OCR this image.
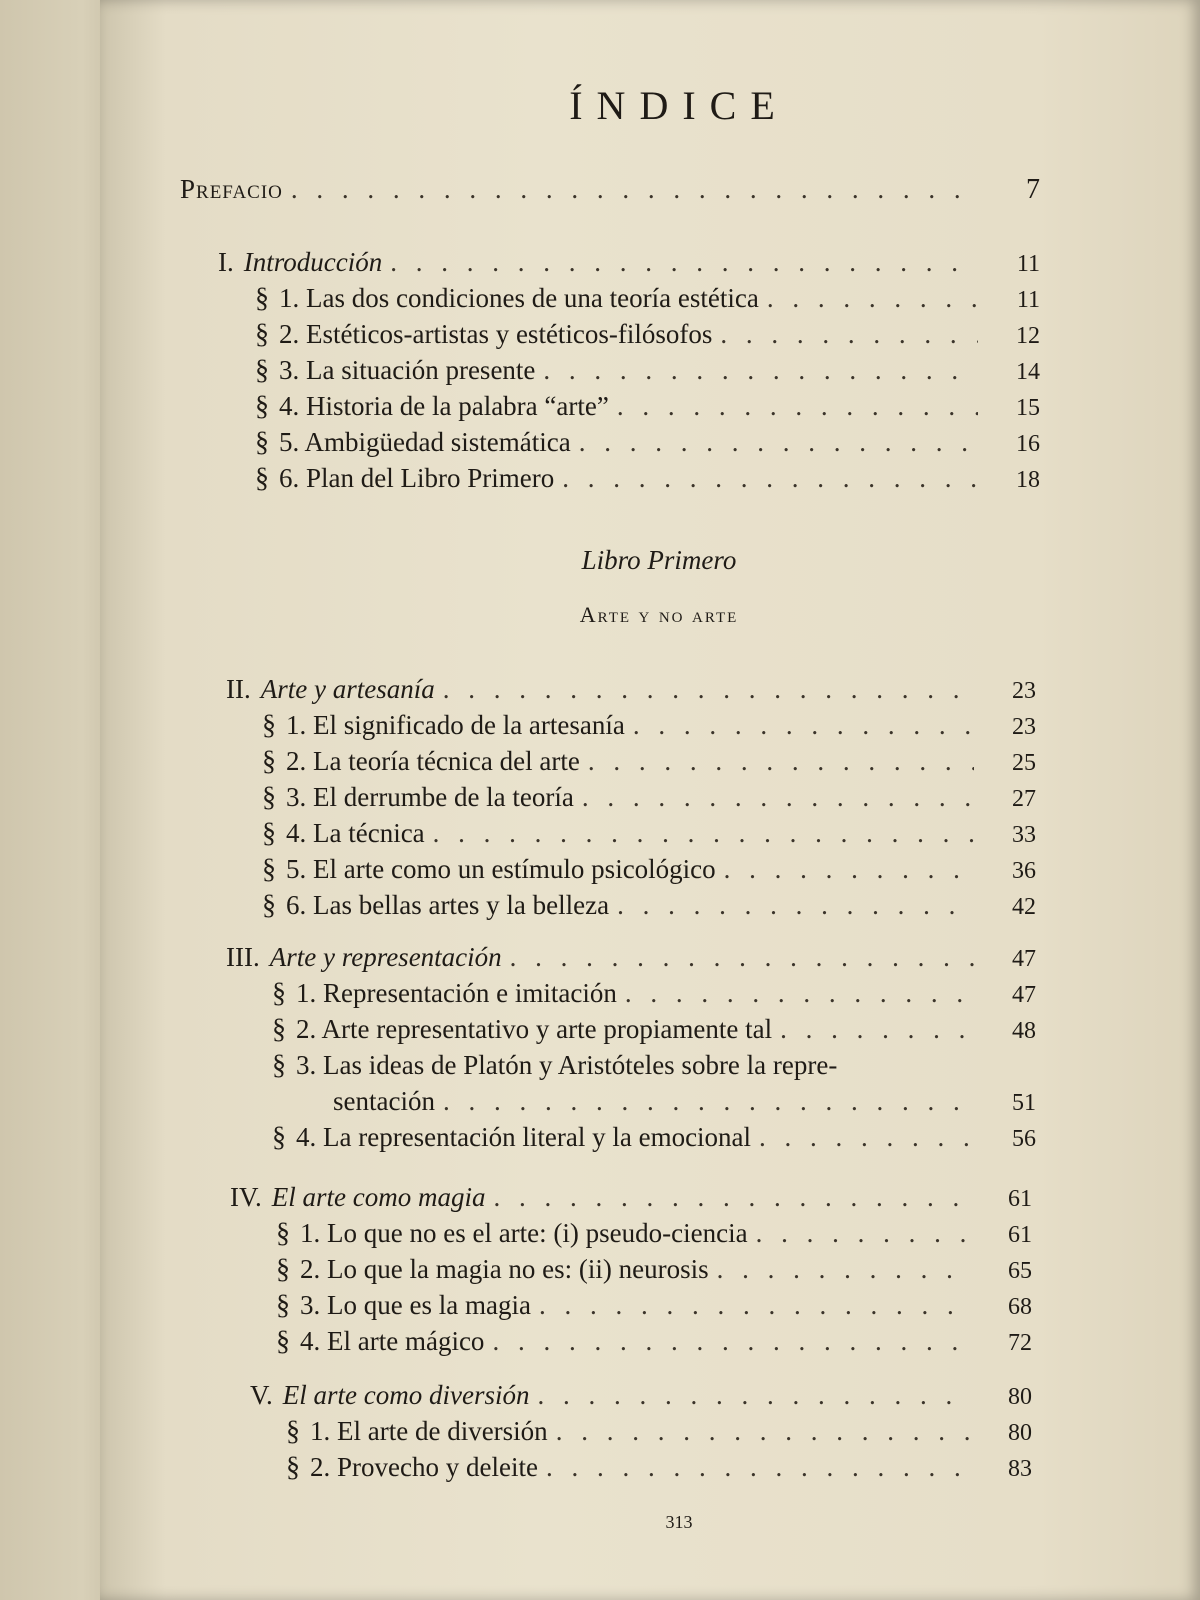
ÍNDICE
Prefacio . . .	7
I. Introducción . . .	11
§ 1. Las dos condiciones de una teoría estética . . .	11
§ 2. Estéticos-artistas y estéticos-filósofos . . .	12
§ 3. La situación presente . . .	14
§ 4. Historia de la palabra “arte” . . .	15
§ 5. Ambigüedad sistemática . . .	16
§ 6. Plan del Libro Primero . . .	18
Libro Primero
Arte y no arte
II. Arte y artesanía . . .	23
§ 1. El significado de la artesanía . . .	23
§ 2. La teoría técnica del arte . . .	25
§ 3. El derrumbe de la teoría . . .	27
§ 4. La técnica . . .	33
§ 5. El arte como un estímulo psicológico . . .	36
§ 6. Las bellas artes y la belleza . . .	42
III. Arte y representación . . .	47
§ 1. Representación e imitación . . .	47
§ 2. Arte representativo y arte propiamente tal . . .	48
§ 3. Las ideas de Platón y Aristóteles sobre la repre-
sentación . . .	51
§ 4. La representación literal y la emocional . . .	56
IV. El arte como magia . . .	61
§ 1. Lo que no es el arte: (i) pseudo-ciencia . . .	61
§ 2. Lo que la magia no es: (ii) neurosis . . .	65
§ 3. Lo que es la magia . . .	68
§ 4. El arte mágico . . .	72
V. El arte como diversión . . .	80
§ 1. El arte de diversión . . .	80
§ 2. Provecho y deleite . . .	83
313
